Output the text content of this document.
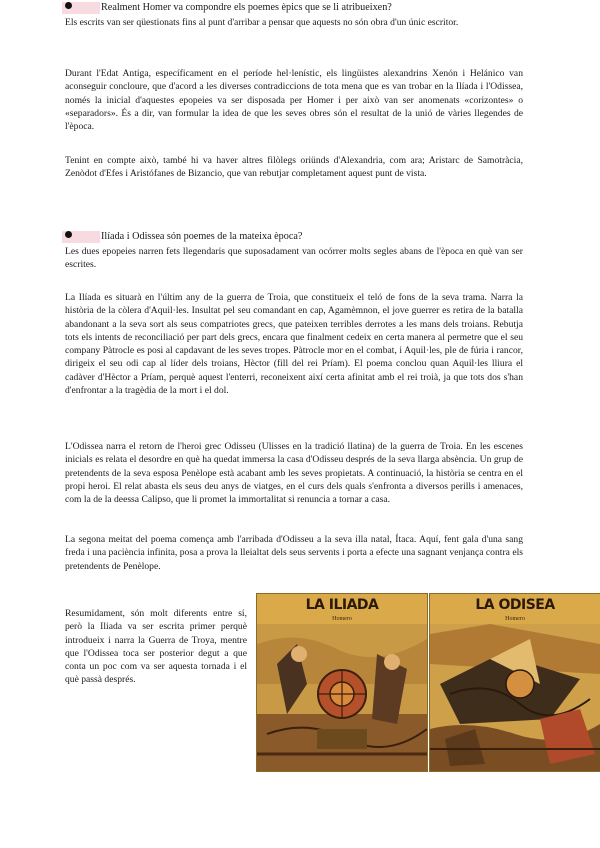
Realment Homer va compondre els poemes èpics que se li atribueixen?

Els escrits van ser qüestionats fins al punt d'arribar a pensar que aquests no són obra d'un únic escritor.

Durant l'Edat Antiga, específicament en el període hel·lenístic, els lingüistes alexandrins Xenón i Helánico van aconseguir concloure, que d'acord a les diverses contradiccions de tota mena que es van trobar en la Ilíada i l'Odissea, només la inicial d'aquestes epopeies va ser disposada per Homer i per això van ser anomenats «corizontes» o «separadors». És a dir, van formular la idea de que les seves obres són el resultat de la unió de vàries llegendes de l'època.

Tenint en compte això, també hi va haver altres filòlegs oriünds d'Alexandria, com ara; Aristarc de Samotràcia, Zenòdot d'Efes i Aristófanes de Bizancio, que van rebutjar completament aquest punt de vista.

Ilíada i Odissea són poemes de la mateixa època?

Les dues epopeies narren fets llegendaris que suposadament van ocórrer molts segles abans de l'època en què van ser escrites.

La Ilíada es situarà en l'últim any de la guerra de Troia, que constitueix el teló de fons de la seva trama. Narra la història de la còlera d'Aquil·les. Insultat pel seu comandant en cap, Agamèmnon, el jove guerrer es retira de la batalla abandonant a la seva sort als seus compatriotes grecs, que pateixen terribles derrotes a les mans dels troians. Rebutja tots els intents de reconciliació per part dels grecs, encara que finalment cedeix en certa manera al permetre que el seu company Pàtrocle es posi al capdavant de les seves tropes. Pàtrocle mor en el combat, i Aquil·les, ple de fúria i rancor, dirigeix el seu odi cap al líder dels troians, Hèctor (fill del rei Príam). El poema conclou quan Aquil·les lliura el cadàver d'Hèctor a Príam, perquè aquest l'enterri, reconeixent així certa afinitat amb el rei troià, ja que tots dos s'han d'enfrontar a la tragèdia de la mort i el dol.

L'Odissea narra el retorn de l'heroi grec Odisseu (Ulisses en la tradició llatina) de la guerra de Troia. En les escenes inicials es relata el desordre en què ha quedat immersa la casa d'Odisseu després de la seva llarga absència. Un grup de pretendents de la seva esposa Penèlope està acabant amb les seves propietats. A continuació, la història se centra en el propi heroi. El relat abasta els seus deu anys de viatges, en el curs dels quals s'enfronta a diversos perills i amenaces, com la de la deessa Calipso, que li promet la immortalitat si renuncia a tornar a casa.

La segona meitat del poema comença amb l'arribada d'Odisseu a la seva illa natal, Ítaca. Aquí, fent gala d'una sang freda i una paciència infinita, posa a prova la lleialtat dels seus servents i porta a efecte una sagnant venjança contra els pretendents de Penèlope.

Resumidament, són molt diferents entre sí, però la Iliada va ser escrita primer perquè introdueix i narra la Guerra de Troya, mentre que l'Odissea toca ser posterior degut a que conta un poc com va ser aquesta tornada i el què passà després.

LA ILIADA
Homero
LA ODISEA
Homero
